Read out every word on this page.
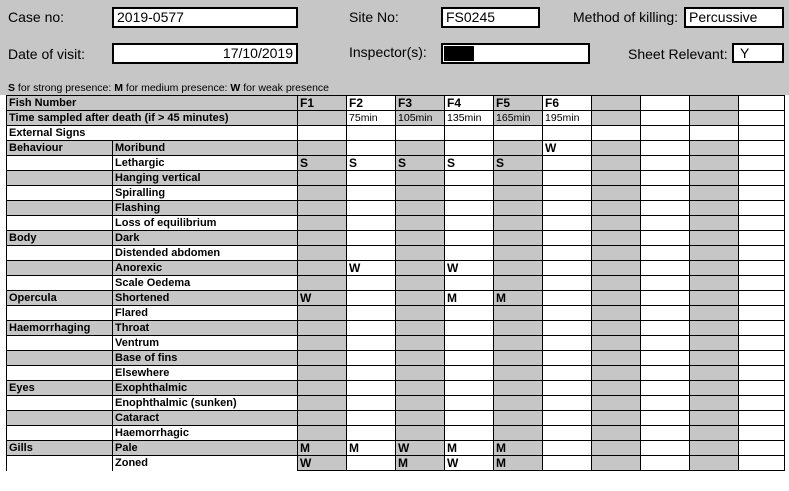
Case no:	2019-0577	Site No:	FS0245	Method of killing: Percussive
Date of visit:	17/10/2019	Inspector(s):	Sheet Relevant: Y
S for strong presence: M for medium presence: W for weak presence
Fish Number		F1	F2	F3	F4	F5	F6				
Time sampled after death (if > 45 minutes)			75min	105min	135min	165min	195min				
External Signs											
Behaviour	Moribund						W				
	Lethargic	S	S	S	S	S					
	Hanging vertical										
	Spiralling										
	Flashing										
	Loss of equilibrium										
Body	Dark										
	Distended abdomen										
	Anorexic		W		W						
	Scale Oedema										
Opercula	Shortened	W			M	M					
	Flared										
Haemorrhaging	Throat										
	Ventrum										
	Base of fins										
	Elsewhere										
Eyes	Exophthalmic										
	Enophthalmic (sunken)										
	Cataract										
	Haemorrhagic										
Gills	Pale	M	M	W	M	M					
	Zoned	W		M	W	M					
